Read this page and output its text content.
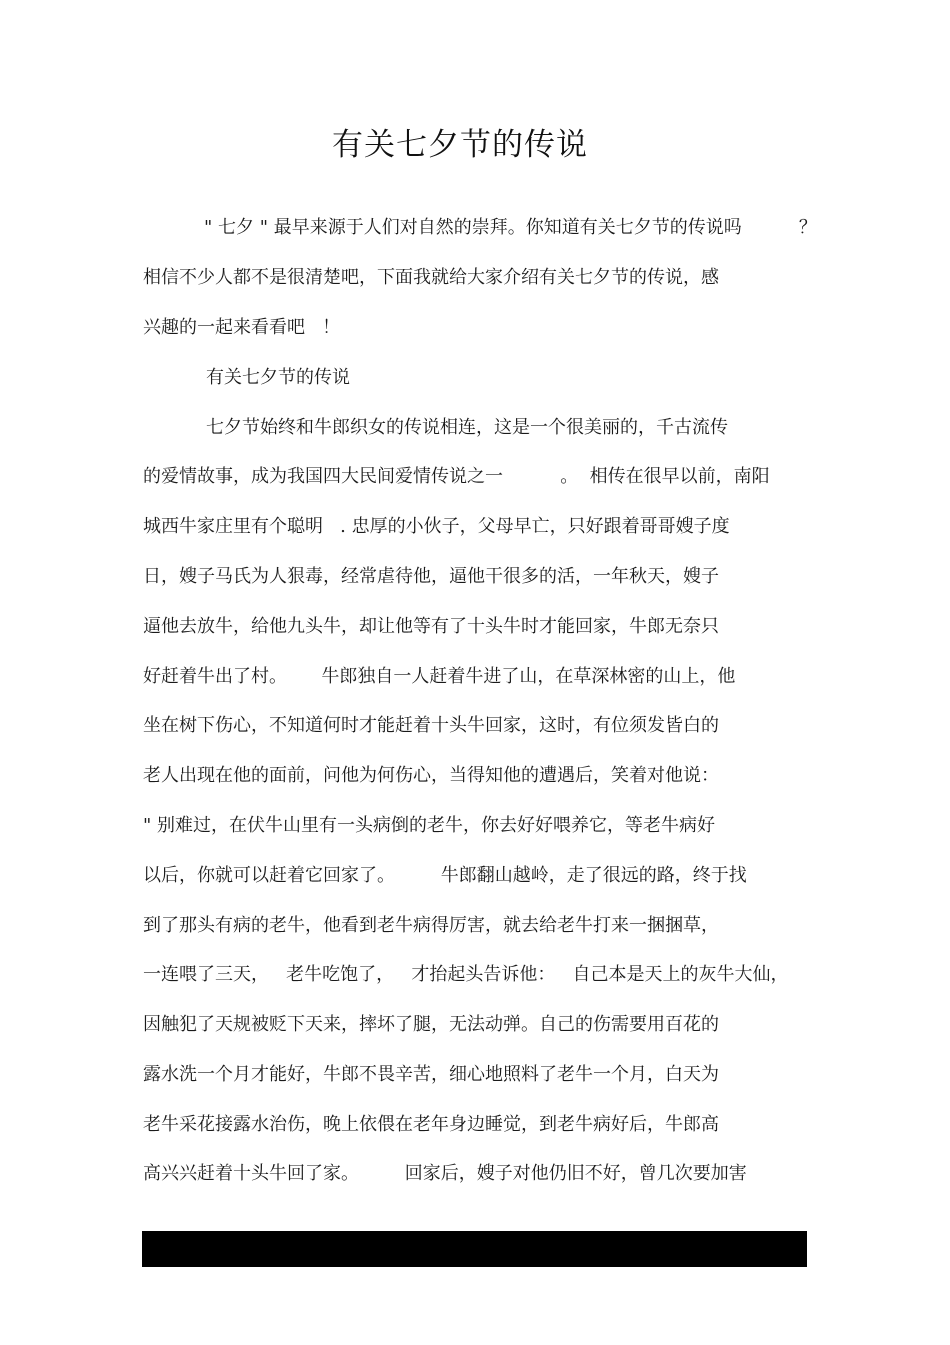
有关七夕节的传说

" 七夕 " 最早来源于人们对自然的崇拜。你知道有关七夕节的传说吗          ？

相信不少人都不是很清楚吧，下面我就给大家介绍有关七夕节的传说，感

兴趣的一起来看看吧   ！

有关七夕节的传说

七夕节始终和牛郎织女的传说相连，这是一个很美丽的，千古流传

的爱情故事，成为我国四大民间爱情传说之一          。  相传在很早以前，南阳

城西牛家庄里有个聪明   . 忠厚的小伙子，父母早亡，只好跟着哥哥嫂子度

日，嫂子马氏为人狠毒，经常虐待他，逼他干很多的活，一年秋天，嫂子

逼他去放牛，给他九头牛，却让他等有了十头牛时才能回家，牛郎无奈只

好赶着牛出了村。      牛郎独自一人赶着牛进了山，在草深林密的山上，他

坐在树下伤心，不知道何时才能赶着十头牛回家，这时，有位须发皆白的

老人出现在他的面前，问他为何伤心，当得知他的遭遇后，笑着对他说：

" 别难过，在伏牛山里有一头病倒的老牛，你去好好喂养它，等老牛病好

以后，你就可以赶着它回家了。        牛郎翻山越岭，走了很远的路，终于找

到了那头有病的老牛，他看到老牛病得厉害，就去给老牛打来一捆捆草，

一连喂了三天，   老牛吃饱了，   才抬起头告诉他：   自己本是天上的灰牛大仙，

因触犯了天规被贬下天来，摔坏了腿，无法动弹。自己的伤需要用百花的

露水洗一个月才能好，牛郎不畏辛苦，细心地照料了老牛一个月，白天为

老牛采花接露水治伤，晚上依偎在老年身边睡觉，到老牛病好后，牛郎高

高兴兴赶着十头牛回了家。        回家后，嫂子对他仍旧不好，曾几次要加害
